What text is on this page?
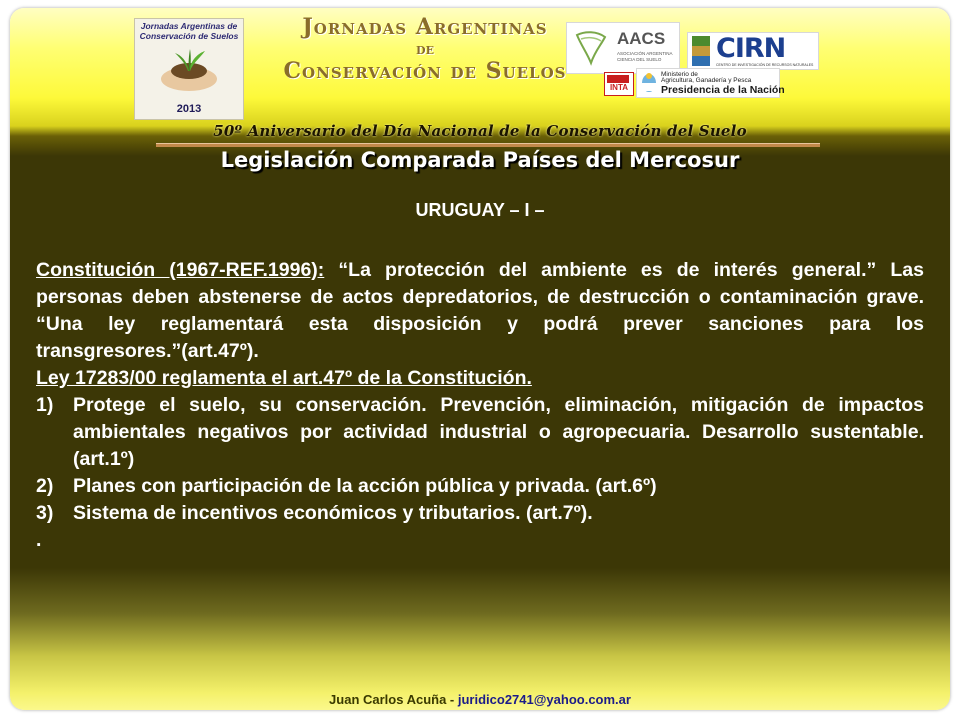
Jornadas Argentinas de Conservación de Suelos
2013
Jornadas Argentinas
de
Conservación de Suelos
AACS
ASOCIACIÓN ARGENTINA CIENCIA DEL SUELO	CIRN
CENTRO DE INVESTIGACIÓN DE RECURSOS NATURALES
INTA
Ministerio de
Agricultura, Ganadería y Pesca
Presidencia de la Nación
50º Aniversario del Día Nacional de la Conservación del Suelo
Legislación Comparada Países del Mercosur
URUGUAY – I –

Constitución (1967-REF.1996): “La protección del ambiente es de interés general.” Las personas deben abstenerse de actos depredatorios, de destrucción o contaminación grave. “Una ley reglamentará esta disposición y podrá prever sanciones para los transgresores.”(art.47º).

Ley 17283/00 reglamenta el art.47º de la Constitución.

1) Protege el suelo, su conservación. Prevención, eliminación, mitigación de impactos ambientales negativos por actividad industrial o agropecuaria. Desarrollo sustentable.(art.1º)
2) Planes con participación de la acción pública y privada. (art.6º)
3) Sistema de incentivos económicos y tributarios. (art.7º).

.

Juan Carlos Acuña - juridico2741@yahoo.com.ar
